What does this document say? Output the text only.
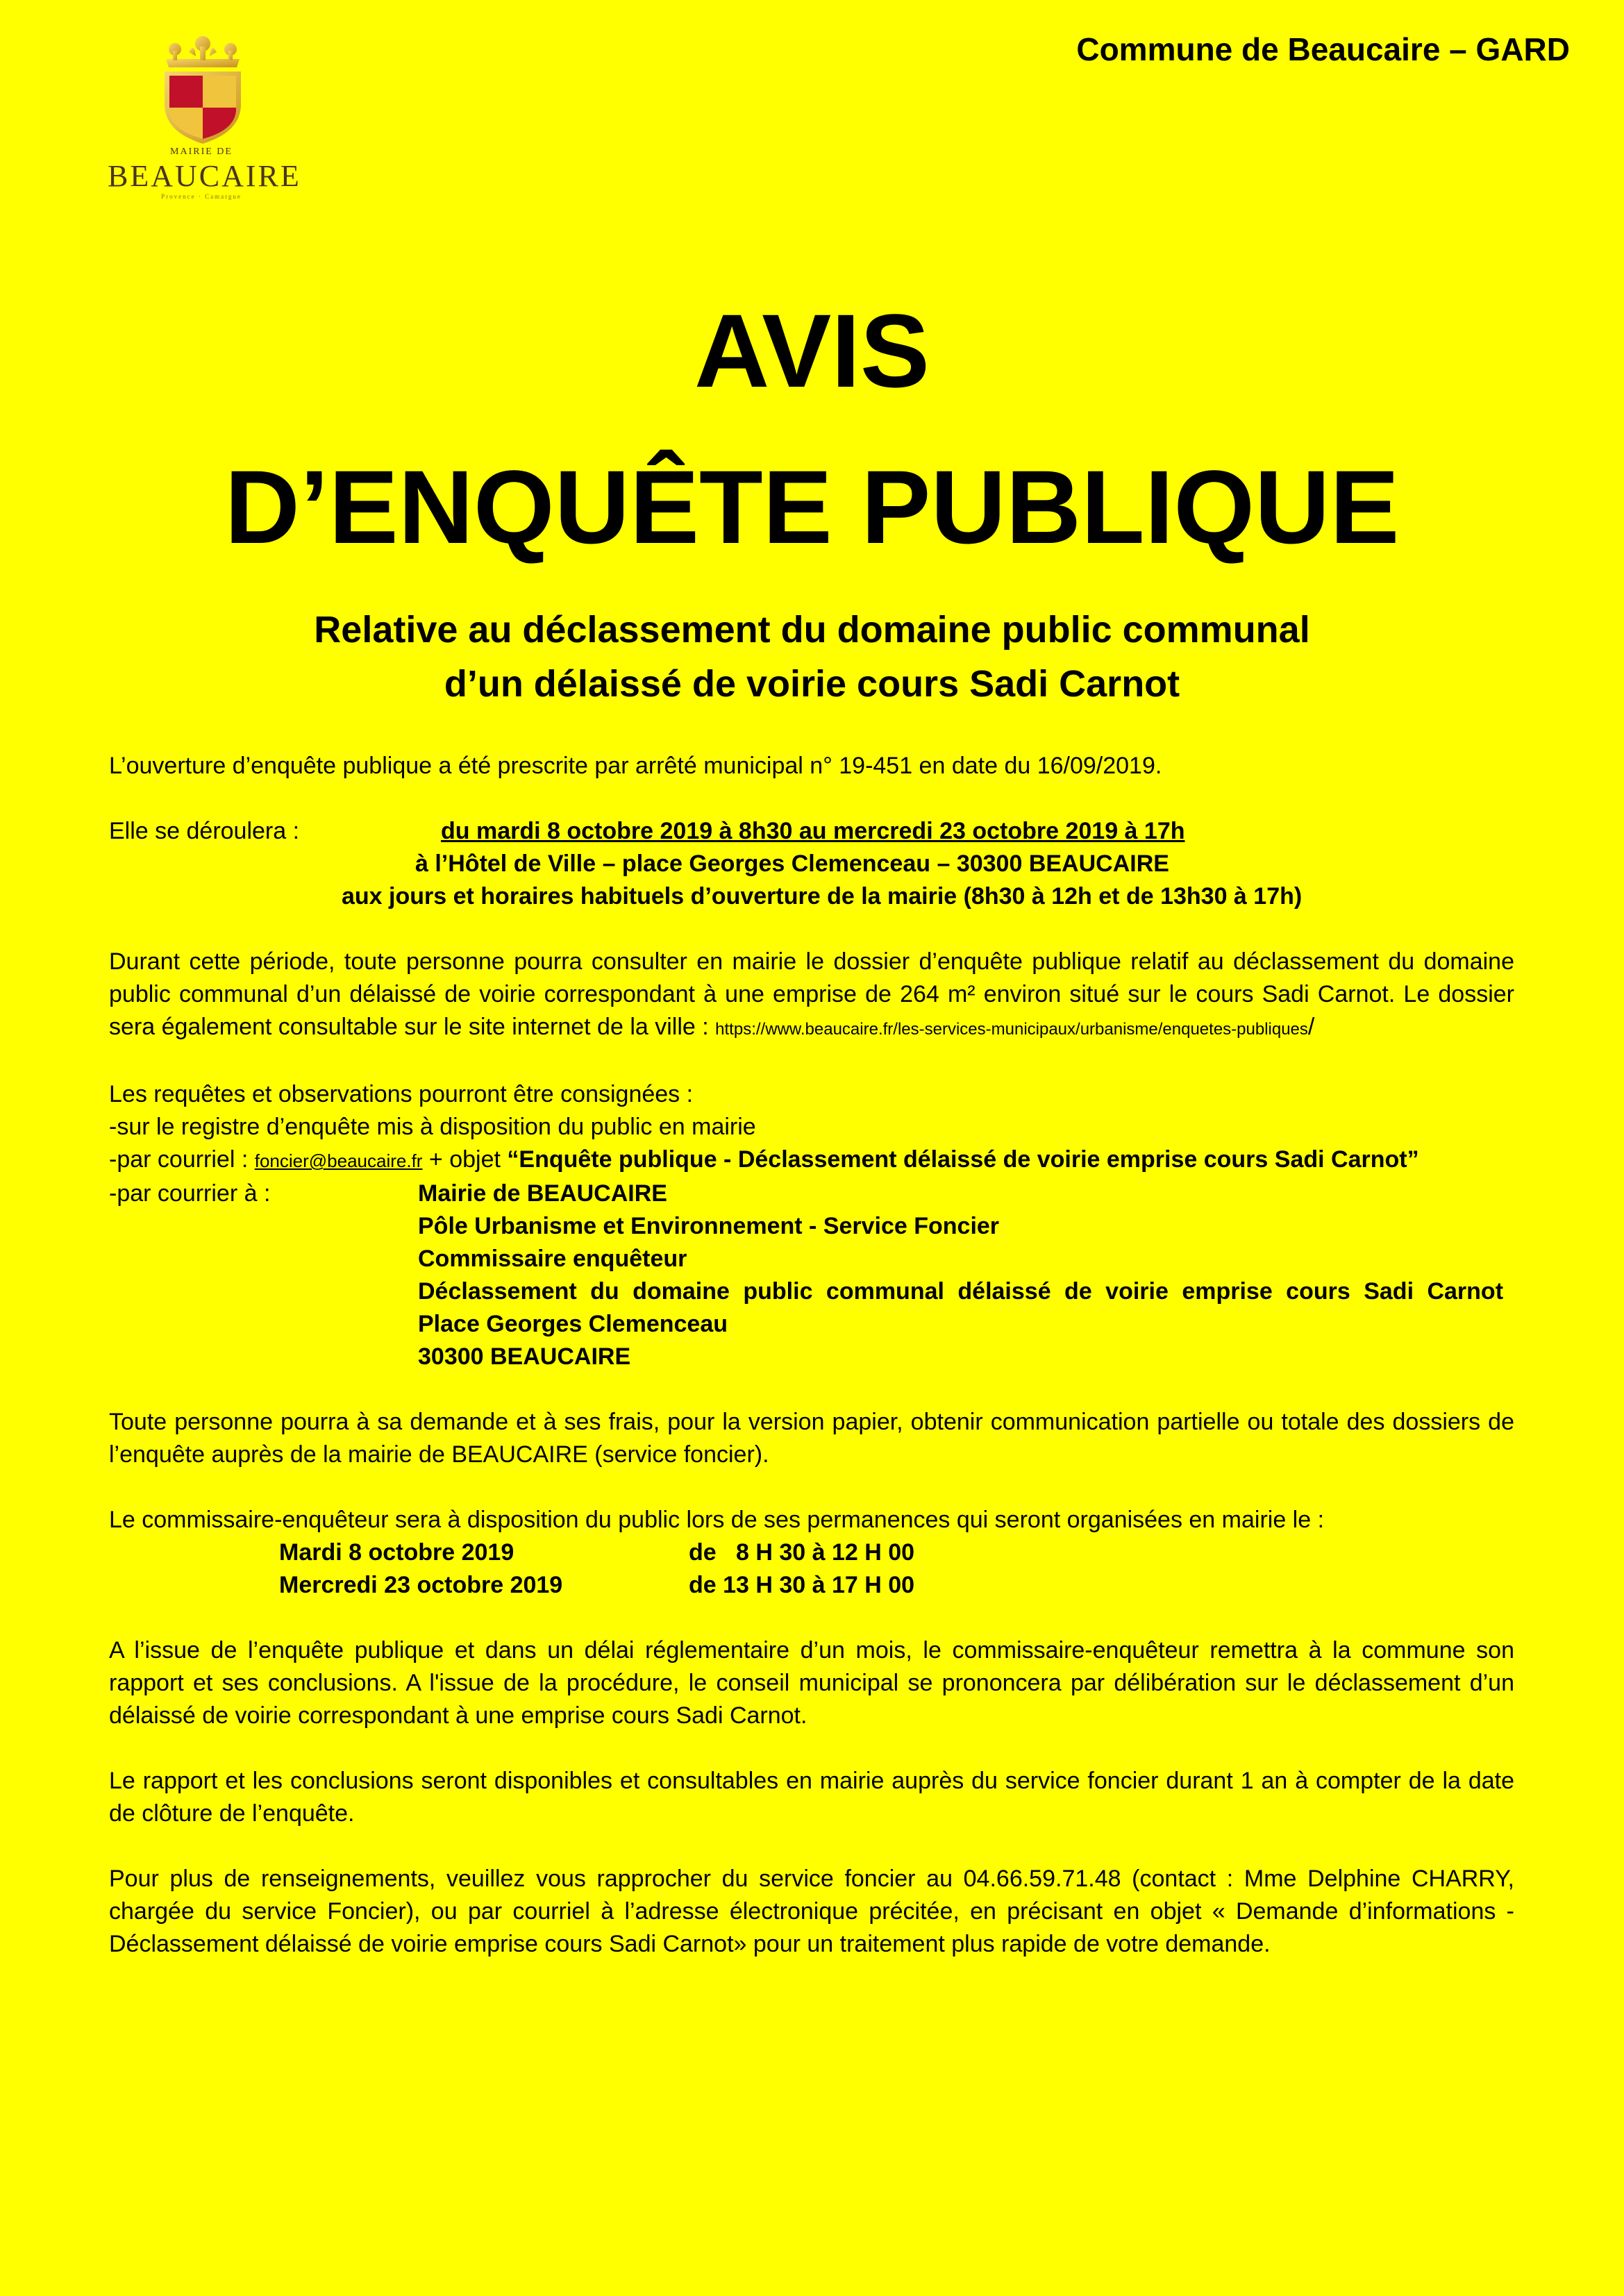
Commune de Beaucaire – GARD
MAIRIE DE
BEAUCAIRE
Provence · Camargue
AVIS
D’ENQUÊTE PUBLIQUE
Relative au déclassement du domaine public communal
d’un délaissé de voirie cours Sadi Carnot
L’ouverture d’enquête publique a été prescrite par arrêté municipal n° 19-451 en date du 16/09/2019.
Elle se déroulera :	du mardi 8 octobre 2019 à 8h30 au mercredi 23 octobre 2019 à 17h
à l’Hôtel de Ville – place Georges Clemenceau – 30300 BEAUCAIRE
aux jours et horaires habituels d’ouverture de la mairie (8h30 à 12h et de 13h30 à 17h)
Durant cette période, toute personne pourra consulter en mairie le dossier d’enquête publique relatif au déclassement du domaine public communal d’un délaissé de voirie correspondant à une emprise de 264 m² environ situé sur le cours Sadi Carnot. Le dossier sera également consultable sur le site internet de la ville : https://www.beaucaire.fr/les-services-municipaux/urbanisme/enquetes-publiques/
Les requêtes et observations pourront être consignées :
-sur le registre d’enquête mis à disposition du public en mairie
-par courriel : foncier@beaucaire.fr + objet “Enquête publique - Déclassement délaissé de voirie emprise cours Sadi Carnot”
-par courrier à :	Mairie de BEAUCAIRE
Pôle Urbanisme et Environnement - Service Foncier
Commissaire enquêteur
Déclassement du domaine public communal délaissé de voirie emprise cours Sadi Carnot
Place Georges Clemenceau
30300 BEAUCAIRE
Toute personne pourra à sa demande et à ses frais, pour la version papier, obtenir communication partielle ou totale des dossiers de l’enquête auprès de la mairie de BEAUCAIRE (service foncier).
Le commissaire-enquêteur sera à disposition du public lors de ses permanences qui seront organisées en mairie le :
Mardi 8 octobre 2019	de   8 H 30 à 12 H 00
Mercredi 23 octobre 2019	de 13 H 30 à 17 H 00
A l’issue de l’enquête publique et dans un délai réglementaire d’un mois, le commissaire-enquêteur remettra à la commune son rapport et ses conclusions. A l'issue de la procédure, le conseil municipal se prononcera par délibération sur le déclassement d’un délaissé de voirie correspondant à une emprise cours Sadi Carnot.
Le rapport et les conclusions seront disponibles et consultables en mairie auprès du service foncier durant 1 an à compter de la date de clôture de l’enquête.
Pour plus de renseignements, veuillez vous rapprocher du service foncier au 04.66.59.71.48 (contact : Mme Delphine CHARRY, chargée du service Foncier), ou par courriel à l’adresse électronique précitée, en précisant en objet « Demande d’informations - Déclassement délaissé de voirie emprise cours Sadi Carnot» pour un traitement plus rapide de votre demande.
